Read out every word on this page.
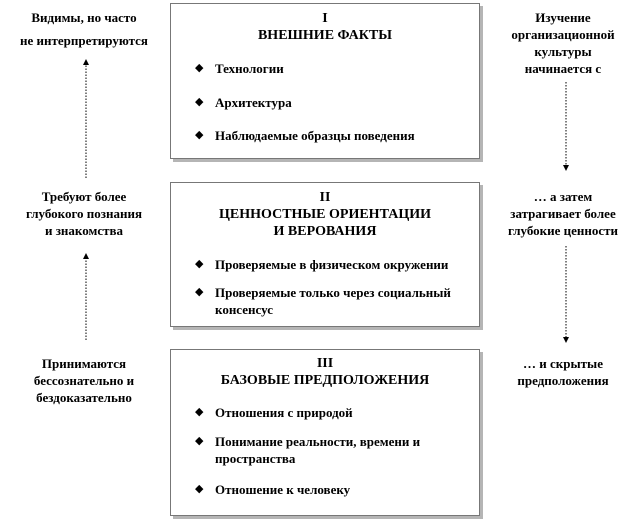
I
ВНЕШНИЕ ФАКТЫ
◆ Технологии
◆ Архитектура
◆ Наблюдаемые образцы поведения
II
ЦЕННОСТНЫЕ ОРИЕНТАЦИИ
И ВЕРОВАНИЯ
◆ Проверяемые в физическом окружении
◆ Проверяемые только через социальный консенсус
III
БАЗОВЫЕ ПРЕДПОЛОЖЕНИЯ
◆ Отношения с природой
◆ Понимание реальности, времени и пространства
◆ Отношение к человеку
Видимы, но часто
не интерпретируются
Требуют более
глубокого познания
и знакомства
Принимаются
бессознательно и
бездоказательно
Изучение
организационной
культуры
начинается с
… а затем
затрагивает более
глубокие ценности
… и скрытые
предположения
